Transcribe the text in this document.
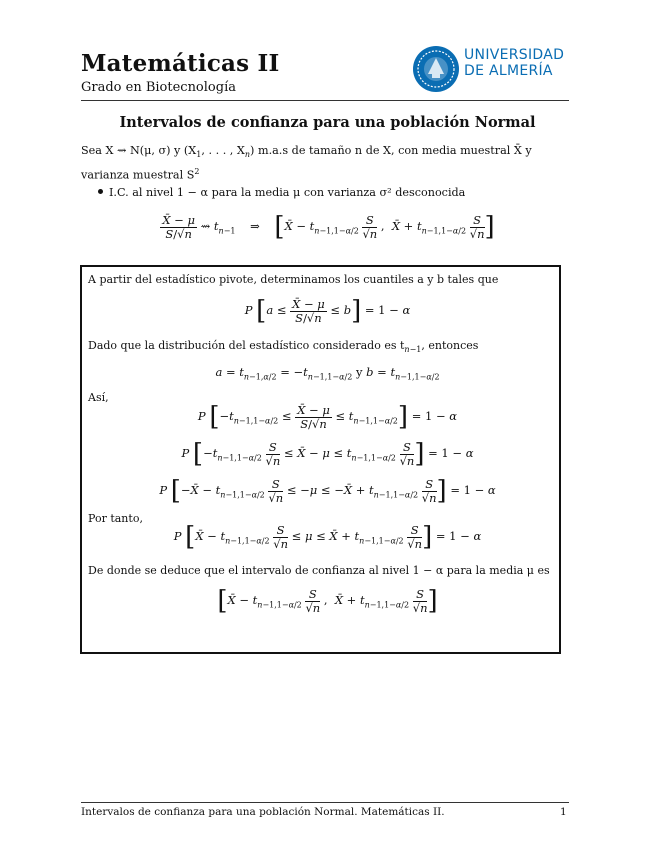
Matemáticas II
Grado en Biotecnología
UNIVERSIDAD
DE ALMERÍA
Intervalos de confianza para una población Normal
Sea X ⇝ N(μ, σ) y ($X_1$, . . . , $X_n$) m.a.s de tamaño n de X, con media muestral X̄ y varianza muestral $S^2$
I.C. al nivel 1 − α para la media μ con varianza σ² desconocida
$\frac{X̄ - \mu}{S/√n}$ ⇝ $t_{n-1}$    ⇒    [X̄ − $t_{n-1,1-\alpha/2} \frac{S}{√n}$ ,  X̄ + $t_{n-1,1-\alpha/2} \frac{S}{√n}$ ]
A partir del estadístico pivote, determinamos los cuantiles a y b tales que
P $[a \le \frac{X̄ - \mu}{S/√n} \le b] = 1 - \alpha$
Dado que la distribución del estadístico considerado es $t_{n-1}$, entonces
$a = t_{n-1,\alpha/2} = -t_{n-1,1-\alpha/2}$ y $b = t_{n-1,1-\alpha/2}$
Así,
P $[-t_{n-1,1-\alpha/2} \le \frac{X̄ - \mu}{S/√n} \le t_{n-1,1-\alpha/2}] = 1 - \alpha$
P [$-t_{n-1,1-\alpha/2} \frac{S}{√n}$ ≤ X̄ − $\mu \le t_{n-1,1-\alpha/2} \frac{S}{√n}$ ] = 1 − α
P [−X̄ − $t_{n-1,1-\alpha/2} \frac{S}{√n} \le -\mu$ ≤ −X̄ + $t_{n-1,1-\alpha/2} \frac{S}{√n}$ ] = 1 − α
Por tanto,
P [X̄ − $t_{n-1,1-\alpha/2} \frac{S}{√n} \le \mu$ ≤ X̄ + $t_{n-1,1-\alpha/2} \frac{S}{√n}$ ] = 1 − α
De donde se deduce que el intervalo de confianza al nivel 1 − α para la media μ es
[X̄ − $t_{n-1,1-\alpha/2} \frac{S}{√n}$ ,  X̄ + $t_{n-1,1-\alpha/2} \frac{S}{√n}$ ]
Intervalos de confianza para una población Normal. Matemáticas II.	1
